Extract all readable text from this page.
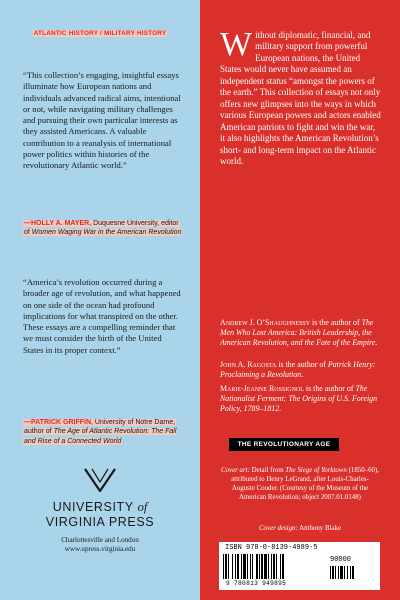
ATLANTIC HISTORY / MILITARY HISTORY
“This collection’s engaging, insightful essays illuminate how European nations and individuals advanced radical aims, intentional or not, while navigating military challenges and pursuing their own particular interests as they assisted Americans. A valuable contribution to a reanalysis of international power politics within histories of the revolutionary Atlantic world.”
—HOLLY A. MAYER, Duquesne University, editor of Women Waging War in the American Revolution
“America’s revolution occurred during a broader age of revolution, and what happened on one side of the ocean had profound implications for what transpired on the other. These essays are a compelling reminder that we must consider the birth of the United States in its proper context.”
—PATRICK GRIFFIN, University of Notre Dame, author of The Age of Atlantic Revolution: The Fall and Rise of a Connected World
UNIVERSITY of
VIRGINIA PRESS
Charlottesville and London
www.upress.virginia.edu
Without diplomatic, financial, and military support from powerful European nations, the United States would never have assumed an independent status “amongst the powers of the earth.” This collection of essays not only offers new glimpses into the ways in which various European powers and actors enabled American patriots to fight and win the war, it also highlights the American Revolution’s short- and long-term impact on the Atlantic world.
Andrew J. O’Shaughnessy is the author of The Men Who Lost America: British Leadership, the American Revolution, and the Fate of the Empire.
John A. Ragosta is the author of Patrick Henry: Proclaiming a Revolution.
Marie-Jeanne Rossignol is the author of The Nationalist Ferment: The Origins of U.S. Foreign Policy, 1789–1812.
THE REVOLUTIONARY AGE
Cover art: Detail from The Siege of Yorktown (1850–60), attributed to Henry LeGrand, after Louis-Charles-Auguste Couder. (Courtesy of the Museum of the American Revolution; object 2007.01.0148)
Cover design: Anthony Blake
ISBN 978-0-8139-4989-5
90000
9 780813 949895
